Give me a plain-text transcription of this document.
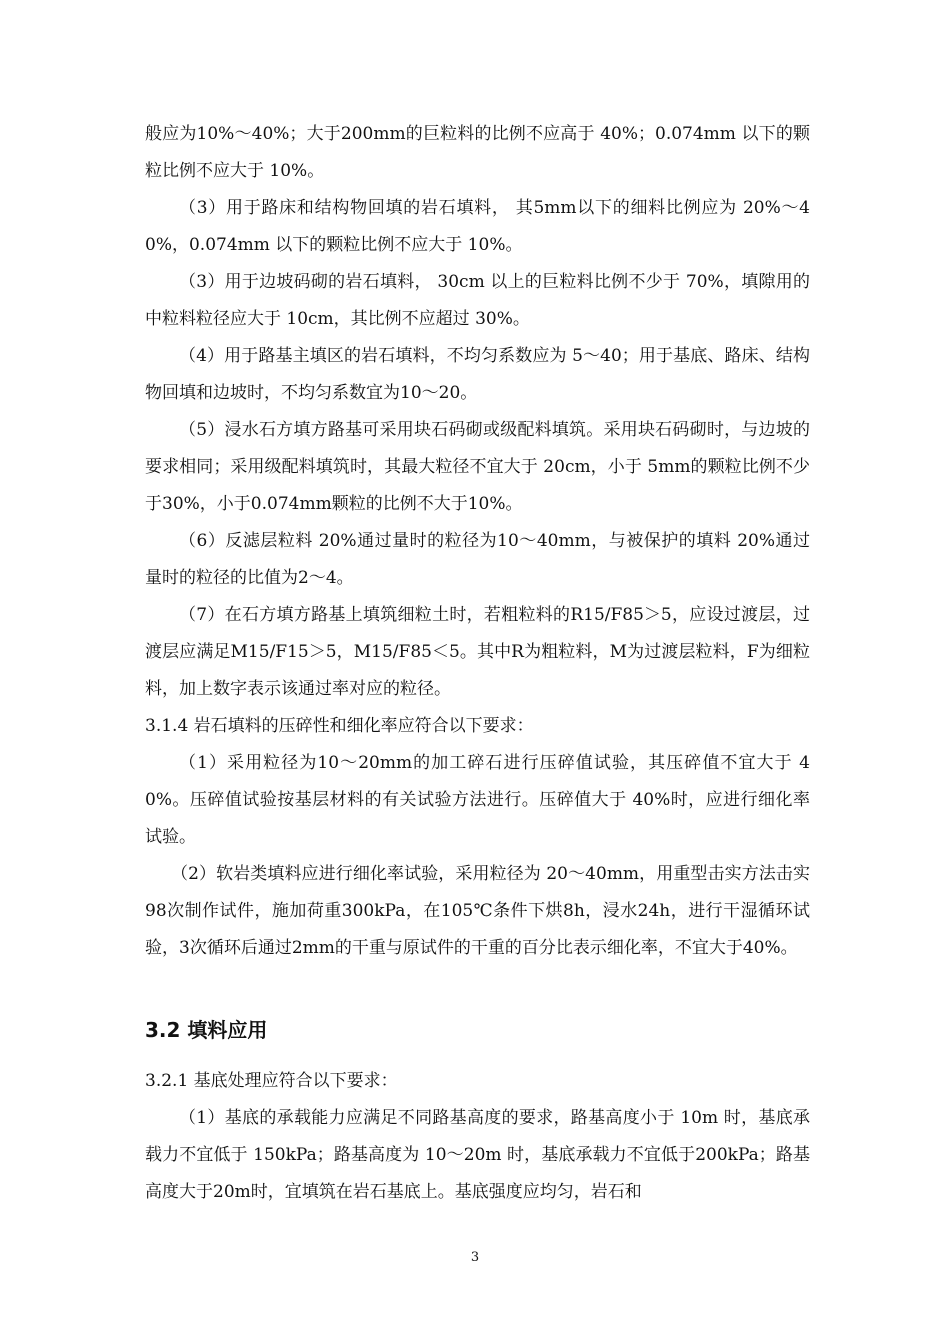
般应为10%～40%；大于200mm的巨粒料的比例不应高于 40%；0.074mm 以下的颗粒比例不应大于 10%。
（3）用于路床和结构物回填的岩石填料， 其5mm以下的细料比例应为 20%～40%，0.074mm 以下的颗粒比例不应大于 10%。
（3）用于边坡码砌的岩石填料， 30cm 以上的巨粒料比例不少于 70%，填隙用的中粒料粒径应大于 10cm，其比例不应超过 30%。
（4）用于路基主填区的岩石填料，不均匀系数应为 5～40；用于基底、路床、结构物回填和边坡时，不均匀系数宜为10～20。
（5）浸水石方填方路基可采用块石码砌或级配料填筑。采用块石码砌时，与边坡的要求相同；采用级配料填筑时，其最大粒径不宜大于 20cm，小于 5mm的颗粒比例不少于30%，小于0.074mm颗粒的比例不大于10%。
（6）反滤层粒料 20%通过量时的粒径为10～40mm，与被保护的填料 20%通过量时的粒径的比值为2～4。
（7）在石方填方路基上填筑细粒土时，若粗粒料的R15/F85＞5，应设过渡层，过渡层应满足M15/F15＞5，M15/F85＜5。其中R为粗粒料，M为过渡层粒料，F为细粒料，加上数字表示该通过率对应的粒径。
3.1.4 岩石填料的压碎性和细化率应符合以下要求：
（1）采用粒径为10～20mm的加工碎石进行压碎值试验，其压碎值不宜大于 40%。压碎值试验按基层材料的有关试验方法进行。压碎值大于 40%时，应进行细化率试验。
（2）软岩类填料应进行细化率试验，采用粒径为 20～40mm，用重型击实方法击实98次制作试件，施加荷重300kPa，在105℃条件下烘8h，浸水24h，进行干湿循环试验，3次循环后通过2mm的干重与原试件的干重的百分比表示细化率，不宜大于40%。
3.2 填料应用
3.2.1 基底处理应符合以下要求：
（1）基底的承载能力应满足不同路基高度的要求，路基高度小于 10m 时，基底承载力不宜低于 150kPa；路基高度为 10～20m 时，基底承载力不宜低于200kPa；路基高度大于20m时，宜填筑在岩石基底上。基底强度应均匀，岩石和
3
